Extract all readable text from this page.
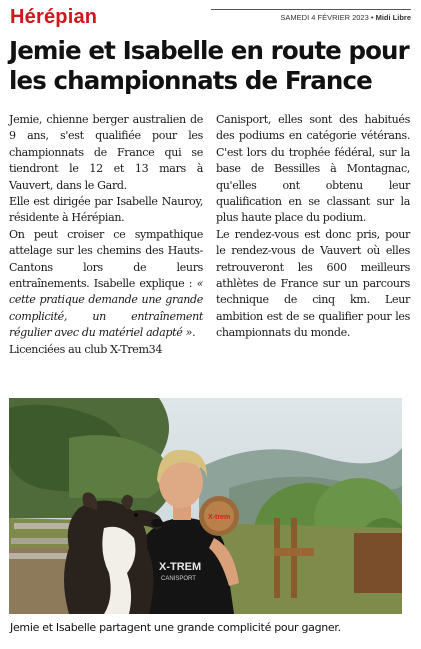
Hérépian	SAMEDI 4 FÉVRIER 2023 • Midi Libre
Jemie et Isabelle en route pour les championnats de France

Jemie, chienne berger australien de 9 ans, s'est qualifiée pour les championnats de France qui se tiendront le 12 et 13 mars à Vauvert, dans le Gard.

Elle est dirigée par Isabelle Nauroy, résidente à Hérépian.

On peut croiser ce sympathique attelage sur les chemins des Hauts-Cantons lors de leurs entraînements. Isabelle explique : « cette pratique demande une grande complicité, un entraînement régulier avec du matériel adapté ».

Licenciées au club X-Trem34

Canisport, elles sont des habitués des podiums en catégorie vétérans. C'est lors du trophée fédéral, sur la base de Bessilles à Montagnac, qu'elles ont obtenu leur qualification en se classant sur la plus haute place du podium.

Le rendez-vous est donc pris, pour le rendez-vous de Vauvert où elles retrouveront les 600 meilleurs athlètes de France sur un parcours technique de cinq km. Leur ambition est de se qualifier pour les championnats du monde.

X-TREM
CANISPORT
X-trem
Jemie et Isabelle partagent une grande complicité pour gagner.
